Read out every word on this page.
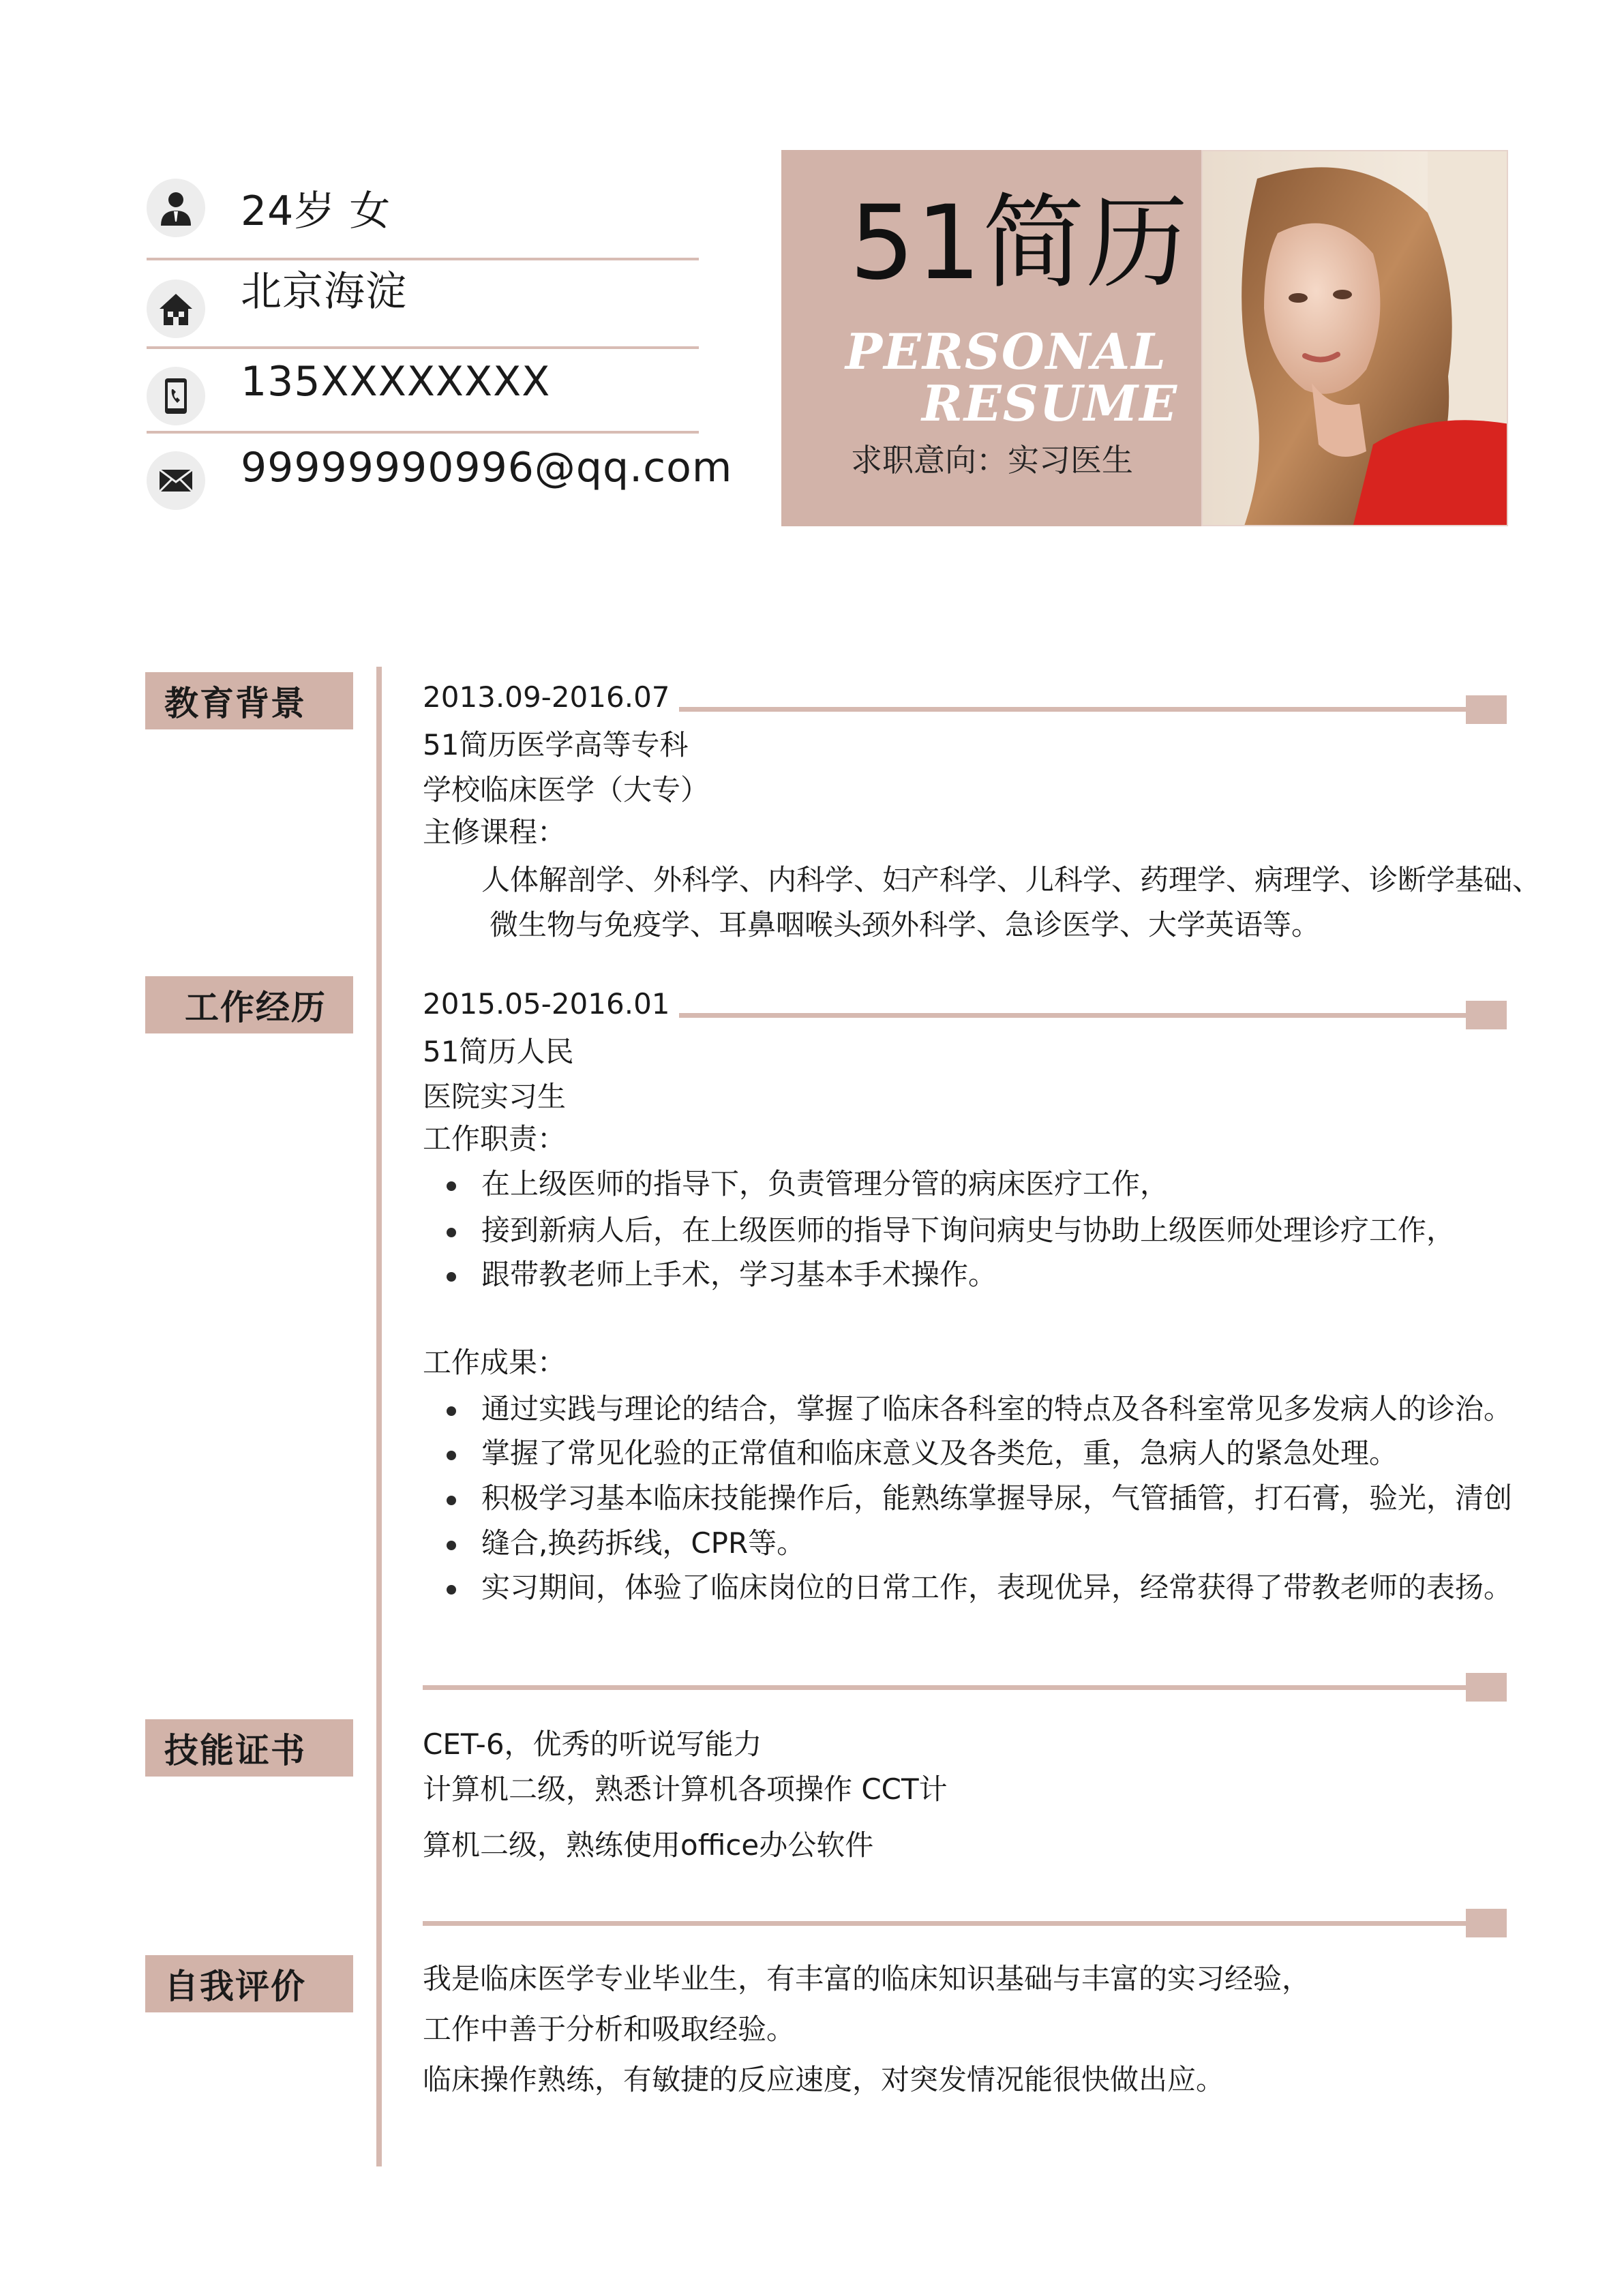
24岁 女
北京海淀
135XXXXXXXX
99999990996@qq.com
51简历
PERSONAL
RESUME
求职意向：实习医生
教育背景	2013.09-2016.07
51简历医学高等专科
学校临床医学（大专）
主修课程：
人体解剖学、外科学、内科学、妇产科学、儿科学、药理学、病理学、诊断学基础、
微生物与免疫学、耳鼻咽喉头颈外科学、急诊医学、大学英语等。
工作经历	2015.05-2016.01
51简历人民
医院实习生
工作职责：
在上级医师的指导下，负责管理分管的病床医疗工作，
接到新病人后，在上级医师的指导下询问病史与协助上级医师处理诊疗工作，
跟带教老师上手术，学习基本手术操作。
工作成果：
通过实践与理论的结合，掌握了临床各科室的特点及各科室常见多发病人的诊治。
掌握了常见化验的正常值和临床意义及各类危，重，急病人的紧急处理。
积极学习基本临床技能操作后，能熟练掌握导尿，气管插管，打石膏，验光，清创
缝合,换药拆线，CPR等。
实习期间，体验了临床岗位的日常工作，表现优异，经常获得了带教老师的表扬。
技能证书	CET-6，优秀的听说写能力
计算机二级，熟悉计算机各项操作 CCT计
算机二级，熟练使用office办公软件
自我评价	我是临床医学专业毕业生，有丰富的临床知识基础与丰富的实习经验，
工作中善于分析和吸取经验。
临床操作熟练，有敏捷的反应速度，对突发情况能很快做出应。
